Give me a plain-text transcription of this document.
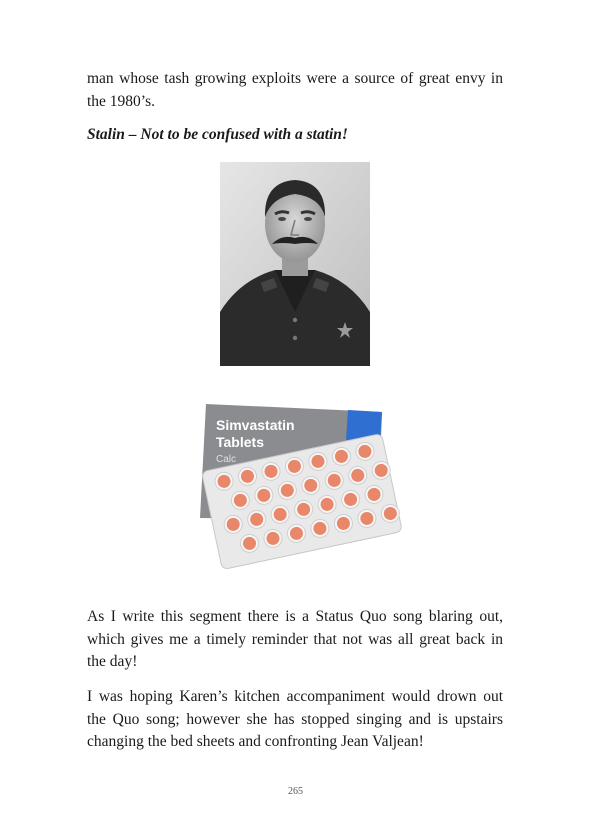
man whose tash growing exploits were a source of great envy in the 1980’s.

Stalin – Not to be confused with a statin!
Simvastatin
Tablets
Calc

As I write this segment there is a Status Quo song blaring out, which gives me a timely reminder that not was all great back in the day!

I was hoping Karen’s kitchen accompaniment would drown out the Quo song; however she has stopped singing and is upstairs changing the bed sheets and confronting Jean Valjean!

265
